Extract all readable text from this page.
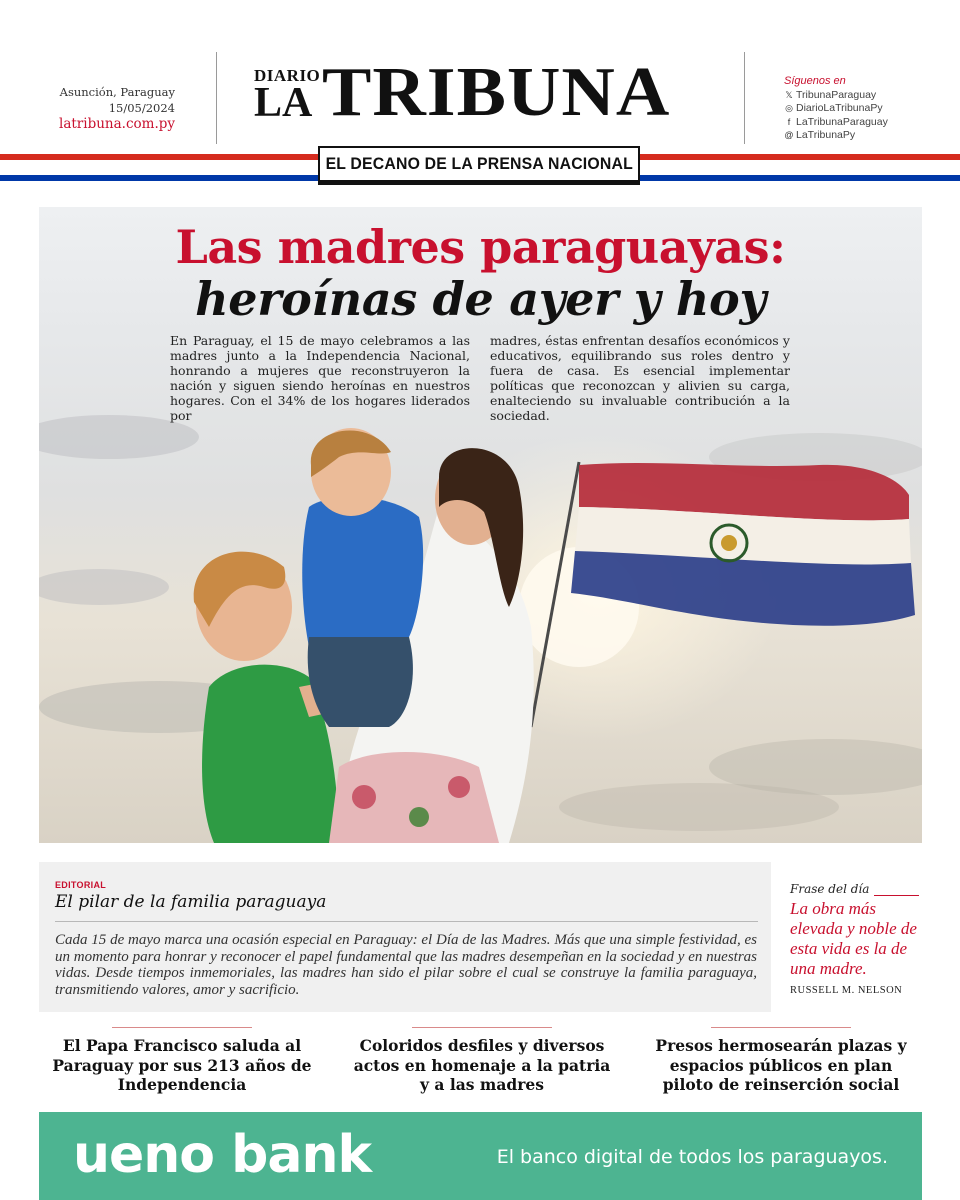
Asunción, Paraguay
15/05/2024
latribuna.com.py
DIARIO
LA TRIBUNA	Síguenos en
𝕏 TribunaParaguay
◎ DiarioLaTribunaPy
f LaTribunaParaguay
@ LaTribunaPy
EL DECANO DE LA PRENSA NACIONAL
Las madres paraguayas:
heroínas de ayer y hoy

En Paraguay, el 15 de mayo celebramos a las madres junto a la Independencia Nacional, honrando a mujeres que reconstruyeron la nación y siguen siendo heroínas en nuestros hogares. Con el 34% de los hogares liderados por

madres, éstas enfrentan desafíos económicos y educativos, equilibrando sus roles dentro y fuera de casa. Es esencial implementar políticas que reconozcan y alivien su carga, enalteciendo su invaluable contribución a la sociedad.

EDITORIAL
El pilar de la familia paraguaya
Cada 15 de mayo marca una ocasión especial en Paraguay: el Día de las Madres. Más que una simple festividad, es un momento para honrar y reconocer el papel fundamental que las madres desempeñan en la sociedad y en nuestras vidas. Desde tiempos inmemoriales, las madres han sido el pilar sobre el cual se construye la familia paraguaya, transmitiendo valores, amor y sacrificio.
Frase del día
La obra más elevada y noble de esta vida es la de una madre.
RUSSELL M. NELSON
El Papa Francisco saluda al Paraguay por sus 213 años de Independencia
Coloridos desfiles y diversos actos en homenaje a la patria y a las madres
Presos hermosearán plazas y espacios públicos en plan piloto de reinserción social
ueno bank	El banco digital de todos los paraguayos.
